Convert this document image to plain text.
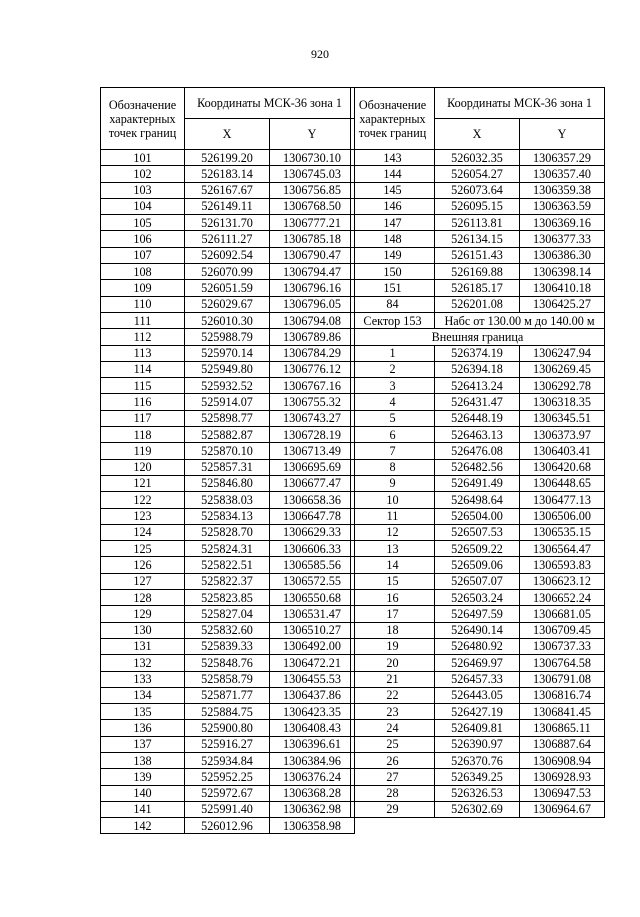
920
Обозначение характерных точек границ	Координаты МСК-36 зона 1	
	X	Y
101	526199.20	1306730.10
102	526183.14	1306745.03
103	526167.67	1306756.85
104	526149.11	1306768.50
105	526131.70	1306777.21
106	526111.27	1306785.18
107	526092.54	1306790.47
108	526070.99	1306794.47
109	526051.59	1306796.16
110	526029.67	1306796.05
111	526010.30	1306794.08
112	525988.79	1306789.86
113	525970.14	1306784.29
114	525949.80	1306776.12
115	525932.52	1306767.16
116	525914.07	1306755.32
117	525898.77	1306743.27
118	525882.87	1306728.19
119	525870.10	1306713.49
120	525857.31	1306695.69
121	525846.80	1306677.47
122	525838.03	1306658.36
123	525834.13	1306647.78
124	525828.70	1306629.33
125	525824.31	1306606.33
126	525822.51	1306585.56
127	525822.37	1306572.55
128	525823.85	1306550.68
129	525827.04	1306531.47
130	525832.60	1306510.27
131	525839.33	1306492.00
132	525848.76	1306472.21
133	525858.79	1306455.53
134	525871.77	1306437.86
135	525884.75	1306423.35
136	525900.80	1306408.43
137	525916.27	1306396.61
138	525934.84	1306384.96
139	525952.25	1306376.24
140	525972.67	1306368.28
141	525991.40	1306362.98
142	526012.96	1306358.98
Обозначение характерных точек границ	Координаты МСК-36 зона 1	
	X	Y
143	526032.35	1306357.29
144	526054.27	1306357.40
145	526073.64	1306359.38
146	526095.15	1306363.59
147	526113.81	1306369.16
148	526134.15	1306377.33
149	526151.43	1306386.30
150	526169.88	1306398.14
151	526185.17	1306410.18
84	526201.08	1306425.27
Сектор 153	Набс от 130.00 м до 140.00 м	

Внешняя граница		
1	526374.19	1306247.94
2	526394.18	1306269.45
3	526413.24	1306292.78
4	526431.47	1306318.35
5	526448.19	1306345.51
6	526463.13	1306373.97
7	526476.08	1306403.41
8	526482.56	1306420.68
9	526491.49	1306448.65
10	526498.64	1306477.13
11	526504.00	1306506.00
12	526507.53	1306535.15
13	526509.22	1306564.47
14	526509.06	1306593.83
15	526507.07	1306623.12
16	526503.24	1306652.24
17	526497.59	1306681.05
18	526490.14	1306709.45
19	526480.92	1306737.33
20	526469.97	1306764.58
21	526457.33	1306791.08
22	526443.05	1306816.74
23	526427.19	1306841.45
24	526409.81	1306865.11
25	526390.97	1306887.64
26	526370.76	1306908.94
27	526349.25	1306928.93
28	526326.53	1306947.53
29	526302.69	1306964.67
